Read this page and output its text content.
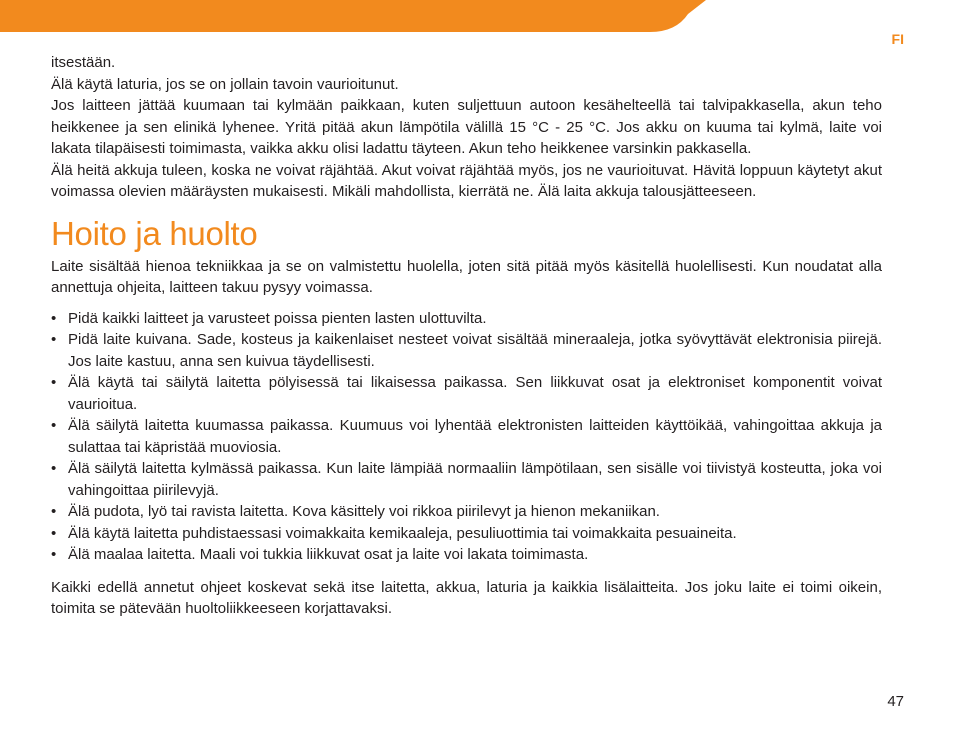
FI

itsestään.

Älä käytä laturia, jos se on jollain tavoin vaurioitunut.

Jos laitteen jättää kuumaan tai kylmään paikkaan, kuten suljettuun autoon kesähelteellä tai talvipakkasella, akun teho heikkenee ja sen elinikä lyhenee. Yritä pitää akun lämpötila välillä 15 °C - 25 °C. Jos akku on kuuma tai kylmä, laite voi lakata tilapäisesti toimimasta, vaikka akku olisi ladattu täyteen. Akun teho heikkenee varsinkin pakkasella.

Älä heitä akkuja tuleen, koska ne voivat räjähtää. Akut voivat räjähtää myös, jos ne vaurioituvat. Hävitä loppuun käytetyt akut voimassa olevien määräysten mukaisesti. Mikäli mahdollista, kierrätä ne. Älä laita akkuja talousjätteeseen.

Hoito ja huolto

Laite sisältää hienoa tekniikkaa ja se on valmistettu huolella, joten sitä pitää myös käsitellä huolellisesti. Kun noudatat alla annettuja ohjeita, laitteen takuu pysyy voimassa.

• Pidä kaikki laitteet ja varusteet poissa pienten lasten ulottuvilta.
• Pidä laite kuivana. Sade, kosteus ja kaikenlaiset nesteet voivat sisältää mineraaleja, jotka syövyttävät elektronisia piirejä. Jos laite kastuu, anna sen kuivua täydellisesti.
• Älä käytä tai säilytä laitetta pölyisessä tai likaisessa paikassa. Sen liikkuvat osat ja elektroniset komponentit voivat vaurioitua.
• Älä säilytä laitetta kuumassa paikassa. Kuumuus voi lyhentää elektronisten laitteiden käyttöikää, vahingoittaa akkuja ja sulattaa tai käpristää muoviosia.
• Älä säilytä laitetta kylmässä paikassa. Kun laite lämpiää normaaliin lämpötilaan, sen sisälle voi tiivistyä kosteutta, joka voi vahingoittaa piirilevyjä.
• Älä pudota, lyö tai ravista laitetta. Kova käsittely voi rikkoa piirilevyt ja hienon mekaniikan.
• Älä käytä laitetta puhdistaessasi voimakkaita kemikaaleja, pesuliuottimia tai voimakkaita pesuaineita.
• Älä maalaa laitetta. Maali voi tukkia liikkuvat osat ja laite voi lakata toimimasta.

Kaikki edellä annetut ohjeet koskevat sekä itse laitetta, akkua, laturia ja kaikkia lisälaitteita. Jos joku laite ei toimi oikein, toimita se pätevään huoltoliikkeeseen korjattavaksi.

47
